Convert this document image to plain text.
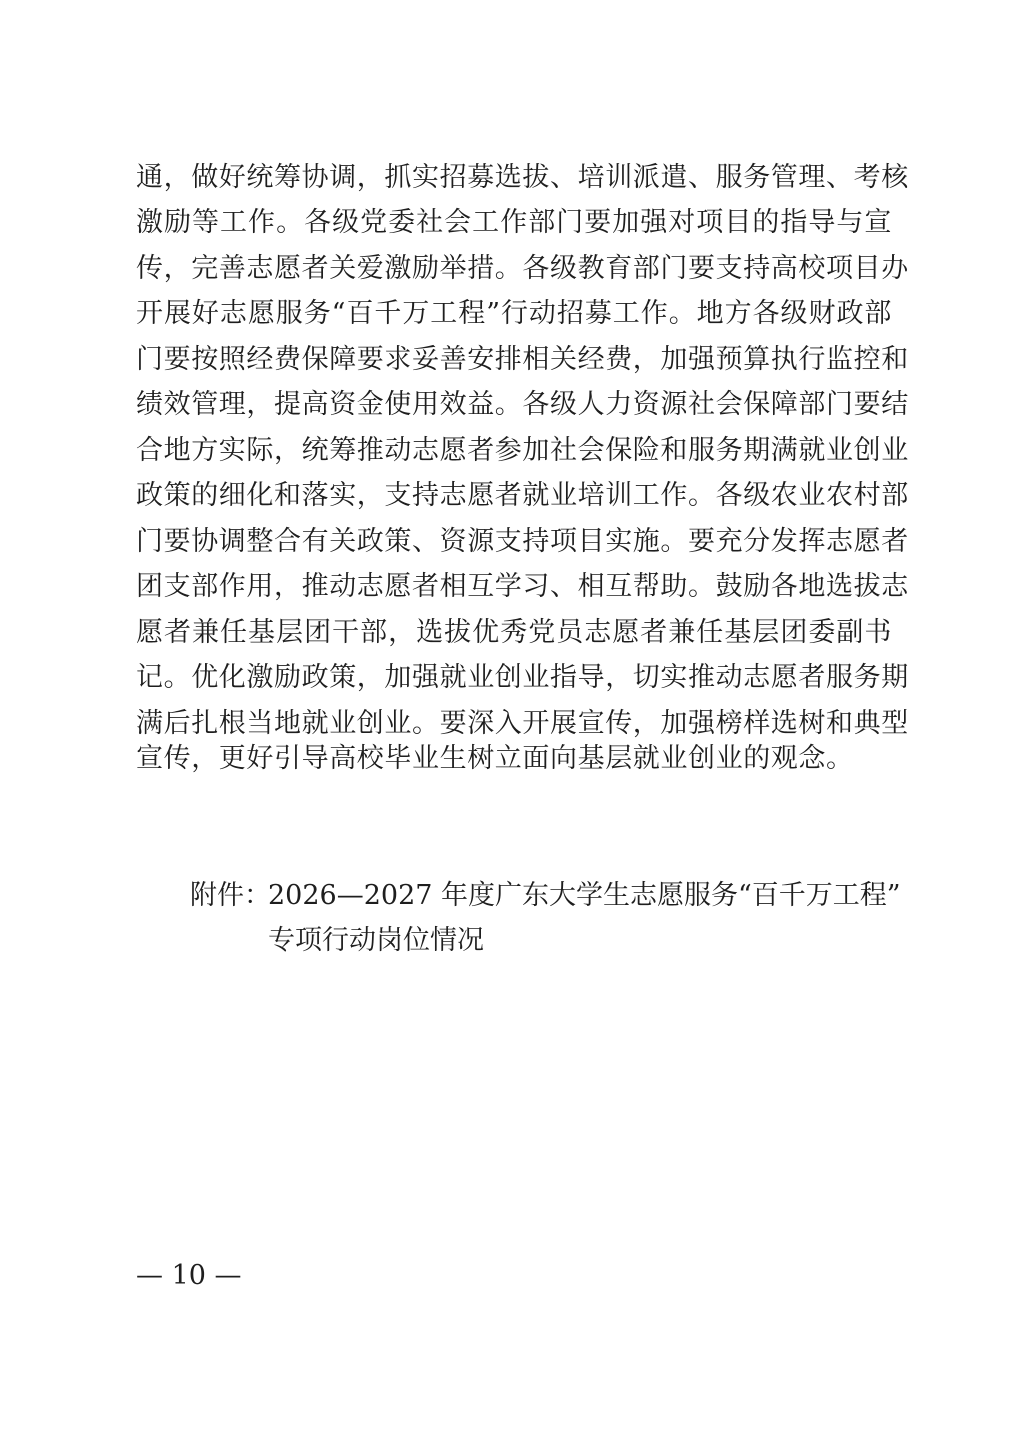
通，做好统筹协调，抓实招募选拔、培训派遣、服务管理、考核
激励等工作。各级党委社会工作部门要加强对项目的指导与宣
传，完善志愿者关爱激励举措。各级教育部门要支持高校项目办
开展好志愿服务“百千万工程”行动招募工作。地方各级财政部
门要按照经费保障要求妥善安排相关经费，加强预算执行监控和
绩效管理，提高资金使用效益。各级人力资源社会保障部门要结
合地方实际，统筹推动志愿者参加社会保险和服务期满就业创业
政策的细化和落实，支持志愿者就业培训工作。各级农业农村部
门要协调整合有关政策、资源支持项目实施。要充分发挥志愿者
团支部作用，推动志愿者相互学习、相互帮助。鼓励各地选拔志
愿者兼任基层团干部，选拔优秀党员志愿者兼任基层团委副书
记。优化激励政策，加强就业创业指导，切实推动志愿者服务期
满后扎根当地就业创业。要深入开展宣传，加强榜样选树和典型
宣传，更好引导高校毕业生树立面向基层就业创业的观念。
附件：
2026—2027 年度广东大学生志愿服务“百千万工程”
专项行动岗位情况
— 10 —
